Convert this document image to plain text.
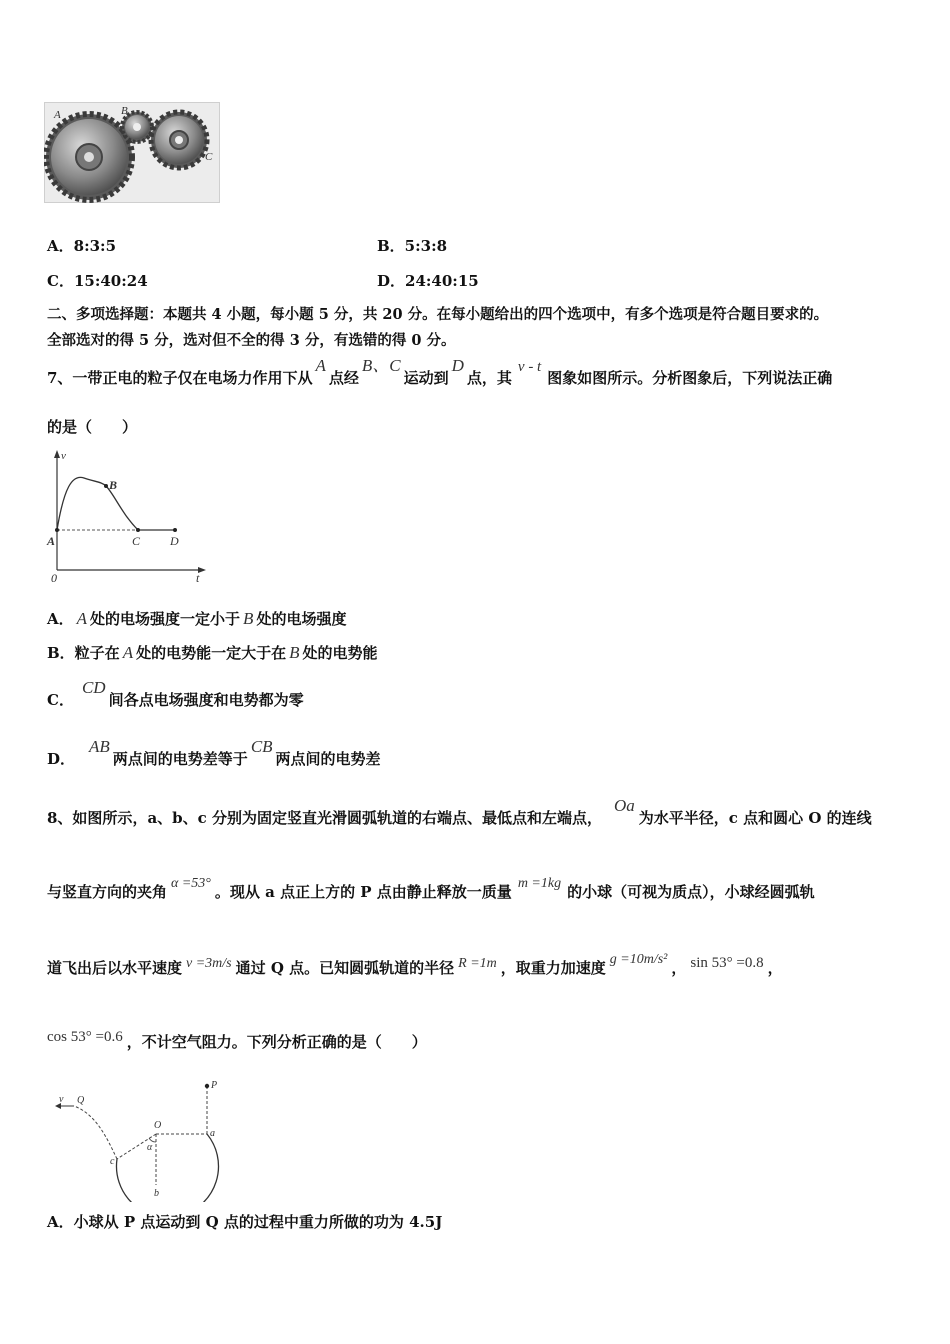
A	B
C
A．8:3:5	B．5:3:8
C．15:40:24	D．24:40:15
二、多项选择题：本题共 4 小题，每小题 5 分，共 20 分。在每小题给出的四个选项中，有多个选项是符合题目要求的。
全部选对的得 5 分，选对但不全的得 3 分，有选错的得 0 分。
7、一带正电的粒子仅在电场力作用下从A点经B、C运动到D点，其v - t图象如图所示。分析图象后，下列说法正确
的是（　　）
v
t
0
A
B
C D
A． A 处的电场强度一定小于 B 处的电场强度
B．粒子在 A 处的电势能一定大于在 B 处的电势能
C．CD间各点电场强度和电势都为零
D．AB两点间的电势差等于CB两点间的电势差
8、如图所示，a、b、c 分别为固定竖直光滑圆弧轨道的右端点、最低点和左端点，Oa为水平半径，c 点和圆心 O 的连线
与竖直方向的夹角 α =53° 。现从 a 点正上方的 P 点由静止释放一质量 m =1kg 的小球（可视为质点），小球经圆弧轨
道飞出后以水平速度 v =3m/s 通过 Q 点。已知圆弧轨道的半径 R =1m ，取重力加速度 g =10m/s² ， sin 53° =0.8 ，
cos 53° =0.6 ，不计空气阻力。下列分析正确的是（　　）
v Q
P
O
a
α
c
b
A．小球从 P 点运动到 Q 点的过程中重力所做的功为 4.5J
